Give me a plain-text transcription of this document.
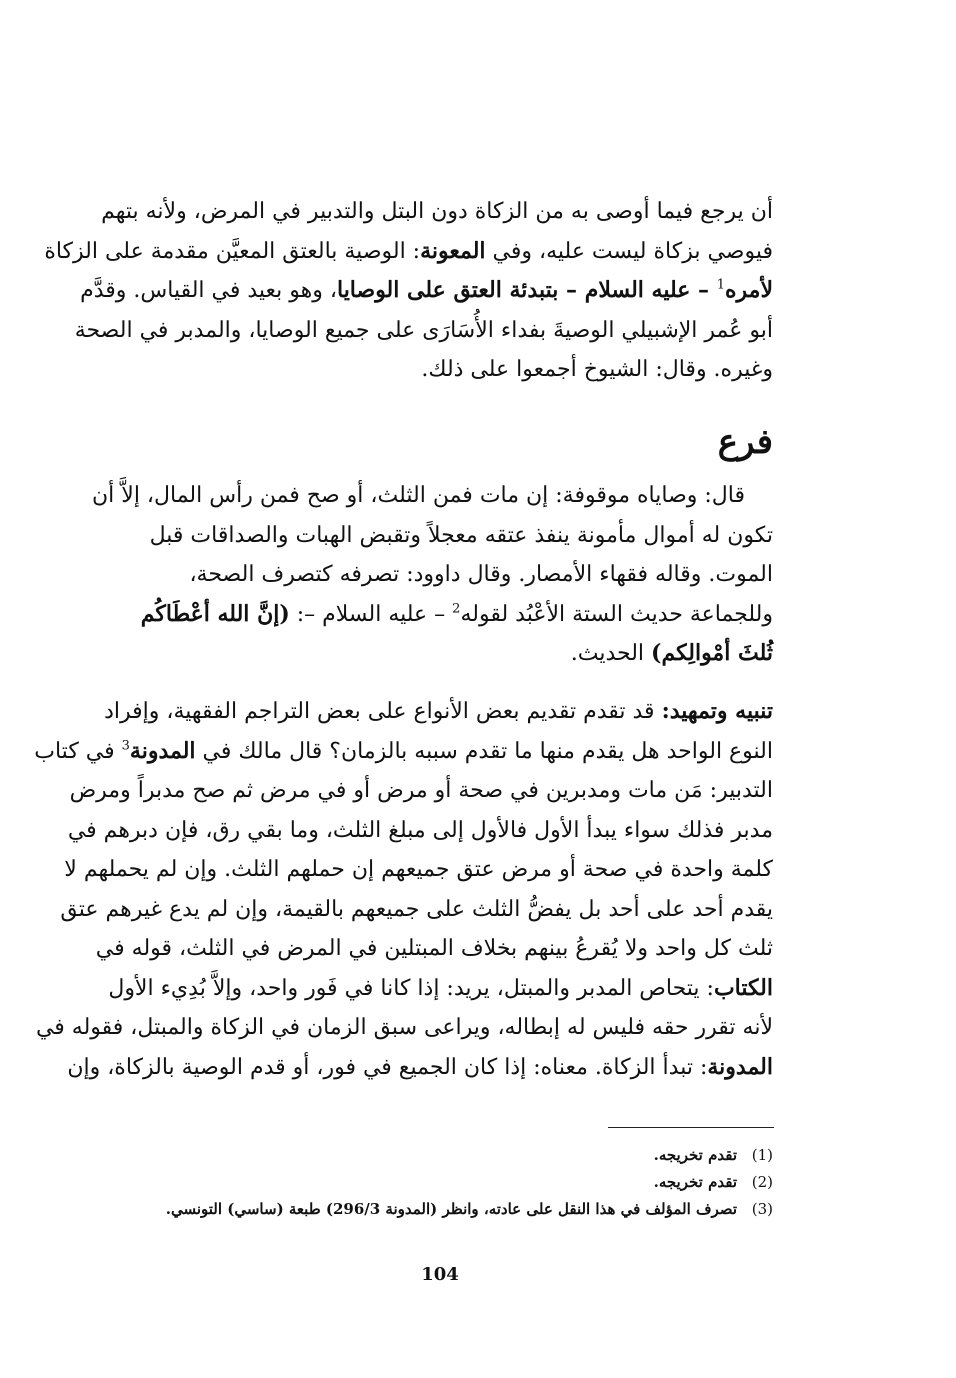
أن يرجع فيما أوصى به من الزكاة دون البتل والتدبير في المرض، ولأنه بتهم
فيوصي بزكاة ليست عليه، وفي المعونة: الوصية بالعتق المعيَّن مقدمة على الزكاة
لأمره$^1$ – عليه السلام – بتبدئة العتق على الوصايا، وهو بعيد في القياس. وقدَّم
أبو عُمر الإشبيلي الوصيةَ بفداء الأُسَارَى على جميع الوصايا، والمدبر في الصحة
وغيره. وقال: الشيوخ أجمعوا على ذلك.
فرع
قال: وصاياه موقوفة: إن مات فمن الثلث، أو صح فمن رأس المال، إلاَّ أن
تكون له أموال مأمونة ينفذ عتقه معجلاً وتقبض الهبات والصداقات قبل
الموت. وقاله فقهاء الأمصار. وقال داوود: تصرفه كتصرف الصحة،
وللجماعة حديث الستة الأعْبُد لقوله$^2$ – عليه السلام –: (إنَّ الله أعْطَاكُم
ثُلثَ أمْوالِكم) الحديث.
تنبيه وتمهيد: قد تقدم تقديم بعض الأنواع على بعض التراجم الفقهية، وإفراد
النوع الواحد هل يقدم منها ما تقدم سببه بالزمان؟ قال مالك في المدونة$^3$ في كتاب
التدبير: مَن مات ومدبرين في صحة أو مرض أو في مرض ثم صح مدبراً ومرض
مدبر فذلك سواء يبدأ الأول فالأول إلى مبلغ الثلث، وما بقي رق، فإن دبرهم في
كلمة واحدة في صحة أو مرض عتق جميعهم إن حملهم الثلث. وإن لم يحملهم لا
يقدم أحد على أحد بل يفضُّ الثلث على جميعهم بالقيمة، وإن لم يدع غيرهم عتق
ثلث كل واحد ولا يُقرعُ بينهم بخلاف المبتلين في المرض في الثلث، قوله في
الكتاب: يتحاص المدبر والمبتل، يريد: إذا كانا في فَور واحد، وإلاَّ بُدِيء الأول
لأنه تقرر حقه فليس له إبطاله، ويراعى سبق الزمان في الزكاة والمبتل، فقوله في
المدونة: تبدأ الزكاة. معناه: إذا كان الجميع في فور، أو قدم الوصية بالزكاة، وإن
(1)تقدم تخريجه.
(2)تقدم تخريجه.
(3)تصرف المؤلف في هذا النقل على عادته، وانظر (المدونة 296/3) طبعة (ساسي) التونسي.
104
